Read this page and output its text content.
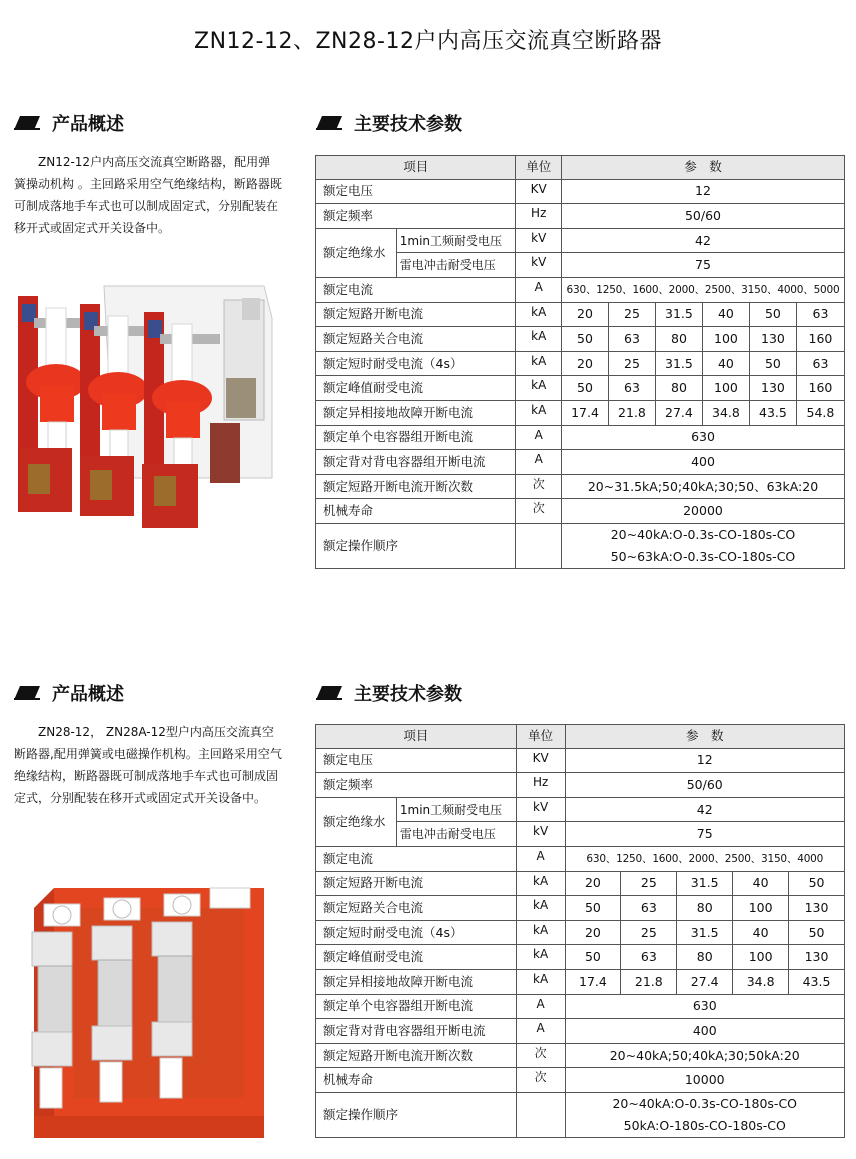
ZN12-12、ZN28-12户内高压交流真空断路器
产品概述	主要技术参数
ZN12-12户内高压交流真空断路器，配用弹簧操动机构 。主回路采用空气绝缘结构，断路器既可制成落地手车式也可以制成固定式，分别配装在移开式或固定式开关设备中。
项目		单位	参　数					
额定电压		KV	12					
额定频率		Hz	50/60					
额定绝缘水	1min工频耐受电压	kV	42					
	雷电冲击耐受电压	kV	75					
额定电流		A	630、1250、1600、2000、2500、3150、4000、5000					
额定短路开断电流		kA	20	25	31.5	40	50	63
额定短路关合电流		kA	50	63	80	100	130	160
额定短时耐受电流（4s）		kA	20	25	31.5	40	50	63
额定峰值耐受电流		kA	50	63	80	100	130	160
额定异相接地故障开断电流		kA	17.4	21.8	27.4	34.8	43.5	54.8
额定单个电容器组开断电流		A	630					
额定背对背电容器组开断电流		A	400					
额定短路开断电流开断次数		次	20~31.5kA;50;40kA;30;50、63kA:20					
机械寿命		次	20000					
额定操作顺序			20~40kA:O-0.3s-CO-180s-CO
50~63kA:O-0.3s-CO-180s-CO					
产品概述	主要技术参数
ZN28-12， ZN28A-12型户内高压交流真空断路器,配用弹簧或电磁操作机构。主回路采用空气绝缘结构，断路器既可制成落地手车式也可制成固定式，分别配装在移开式或固定式开关设备中。
项目		单位	参　数				
额定电压		KV	12				
额定频率		Hz	50/60				
额定绝缘水	1min工频耐受电压	kV	42				
	雷电冲击耐受电压	kV	75				
额定电流		A	630、1250、1600、2000、2500、3150、4000				
额定短路开断电流		kA	20	25	31.5	40	50
额定短路关合电流		kA	50	63	80	100	130
额定短时耐受电流（4s）		kA	20	25	31.5	40	50
额定峰值耐受电流		kA	50	63	80	100	130
额定异相接地故障开断电流		kA	17.4	21.8	27.4	34.8	43.5
额定单个电容器组开断电流		A	630				
额定背对背电容器组开断电流		A	400				
额定短路开断电流开断次数		次	20~40kA;50;40kA;30;50kA:20				
机械寿命		次	10000				
额定操作顺序			20~40kA:O-0.3s-CO-180s-CO
50kA:O-180s-CO-180s-CO				
